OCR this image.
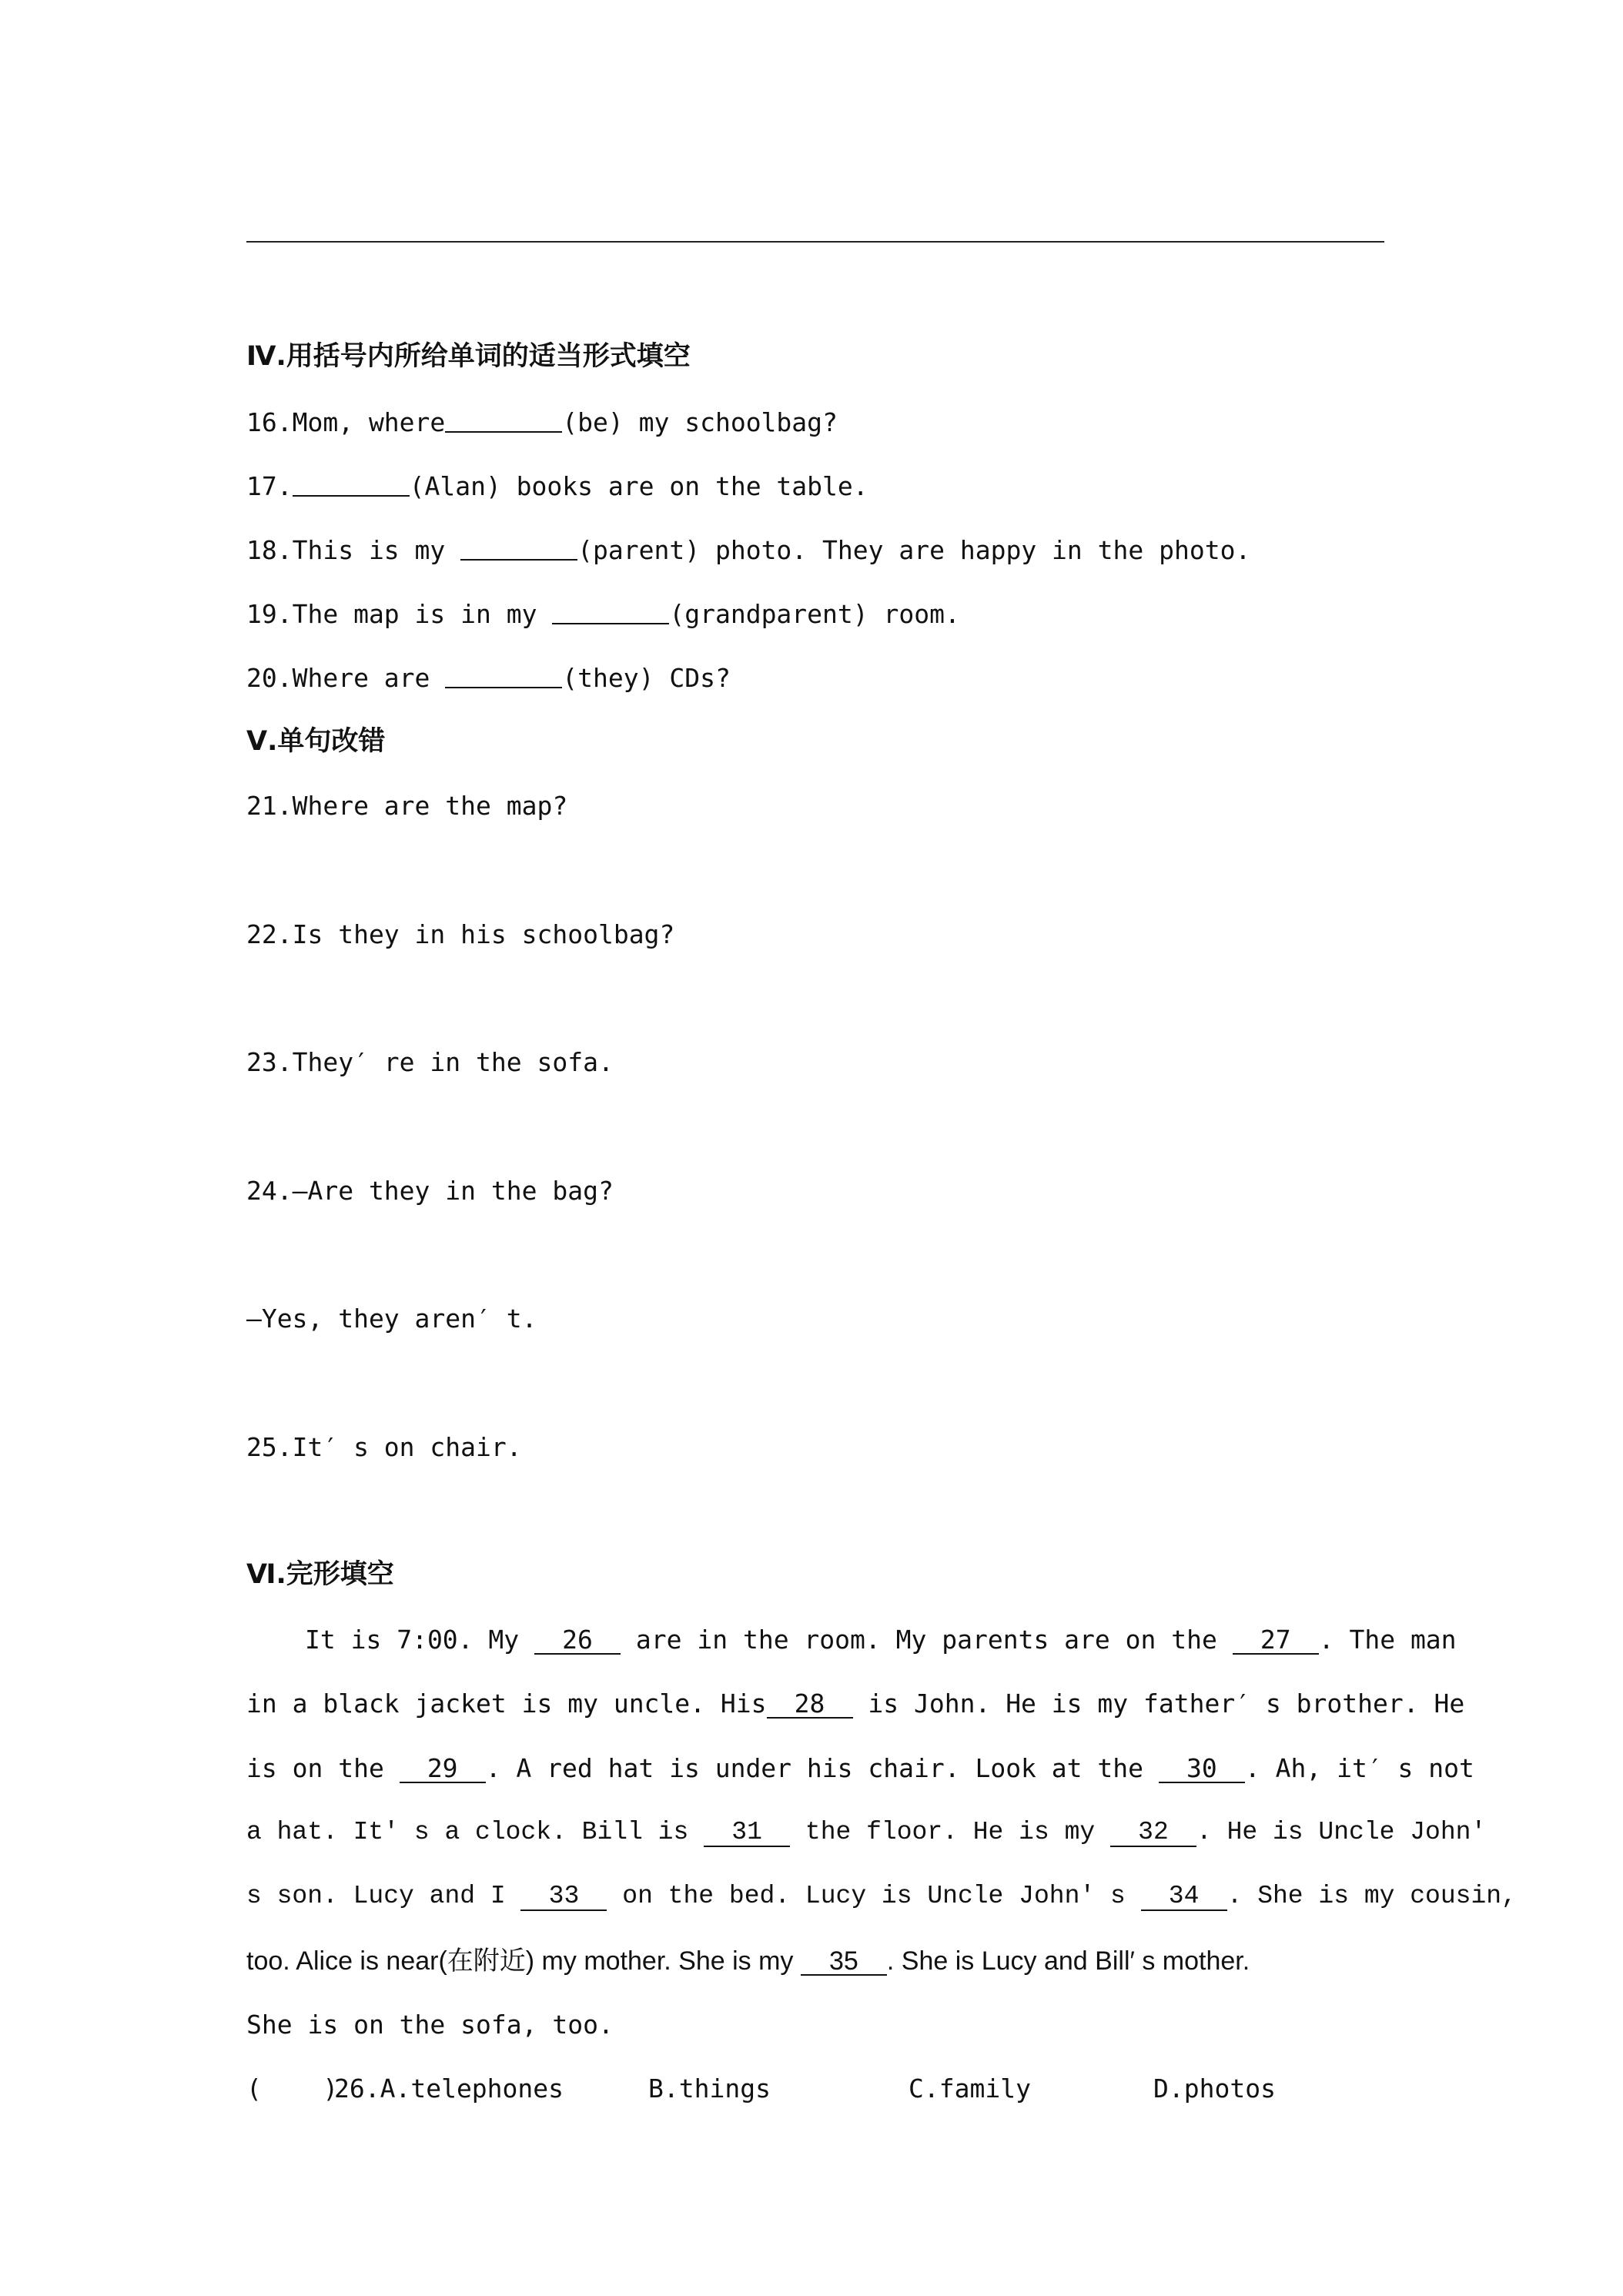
Ⅳ.用括号内所给单词的适当形式填空
16.Mom, where	(be) my schoolbag?
17.	(Alan) books are on the table.
18.This is my	(parent) photo. They are happy in the photo.
19.The map is in my	(grandparent) room.
20.Where are	(they) CDs?
Ⅴ.单句改错
21.Where are the map?
22.Is they in his schoolbag?
23.They′ re in the sofa.
24.—Are they in the bag?
—Yes, they aren′ t.
25.It′ s on chair.
Ⅵ.完形填空
It is 7:00. My 26 are in the room. My parents are on the 27 . The man
in a black jacket is my uncle. His 28 is John. He is my father′ s brother. He
is on the 29 . A red hat is under his chair. Look at the 30 . Ah, it′ s not
a hat. It′ s a clock. Bill is 31 the floor. He is my 32 . He is Uncle John′
s son. Lucy and I 33 on the bed. Lucy is Uncle John′ s 34 . She is my cousin,
too. Alice is near(在附近) my mother. She is my 35 . She is Lucy and Bill′ s mother.
She is on the sofa, too.
(    )
26.A.telephones	B.things	C.family	D.photos
